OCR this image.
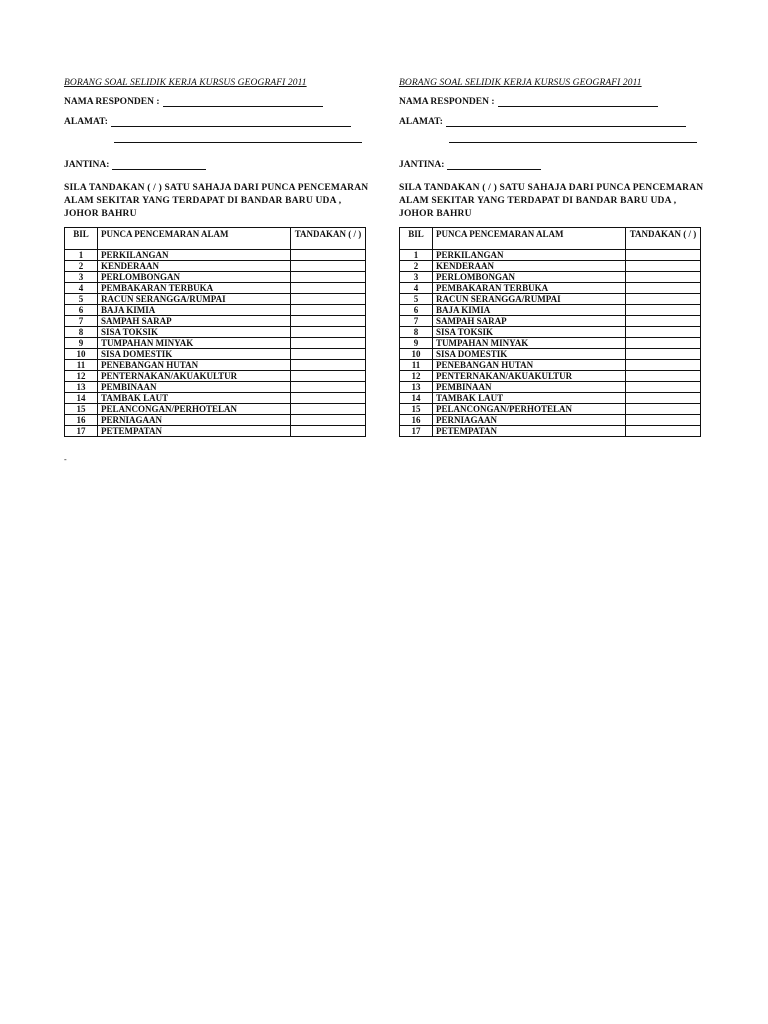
BORANG SOAL SELIDIK KERJA KURSUS GEOGRAFI 2011
NAMA RESPONDEN :
ALAMAT:
JANTINA:
SILA TANDAKAN ( / ) SATU SAHAJA DARI PUNCA PENCEMARAN ALAM SEKITAR YANG TERDAPAT DI BANDAR BARU UDA , JOHOR BAHRU
BIL	PUNCA PENCEMARAN ALAM	TANDAKAN ( / )
1	PERKILANGAN	
2	KENDERAAN	
3	PERLOMBONGAN	
4	PEMBAKARAN TERBUKA	
5	RACUN SERANGGA/RUMPAI	
6	BAJA KIMIA	
7	SAMPAH SARAP	
8	SISA TOKSIK	
9	TUMPAHAN MINYAK	
10	SISA DOMESTIK	
11	PENEBANGAN HUTAN	
12	PENTERNAKAN/AKUAKULTUR	
13	PEMBINAAN	
14	TAMBAK LAUT	
15	PELANCONGAN/PERHOTELAN	
16	PERNIAGAAN	
17	PETEMPATAN	
BORANG SOAL SELIDIK KERJA KURSUS GEOGRAFI 2011
NAMA RESPONDEN :
ALAMAT:
JANTINA:
SILA TANDAKAN ( / ) SATU SAHAJA DARI PUNCA PENCEMARAN ALAM SEKITAR YANG TERDAPAT DI BANDAR BARU UDA , JOHOR BAHRU
BIL	PUNCA PENCEMARAN ALAM	TANDAKAN ( / )
1	PERKILANGAN	
2	KENDERAAN	
3	PERLOMBONGAN	
4	PEMBAKARAN TERBUKA	
5	RACUN SERANGGA/RUMPAI	
6	BAJA KIMIA	
7	SAMPAH SARAP	
8	SISA TOKSIK	
9	TUMPAHAN MINYAK	
10	SISA DOMESTIK	
11	PENEBANGAN HUTAN	
12	PENTERNAKAN/AKUAKULTUR	
13	PEMBINAAN	
14	TAMBAK LAUT	
15	PELANCONGAN/PERHOTELAN	
16	PERNIAGAAN	
17	PETEMPATAN	
-
